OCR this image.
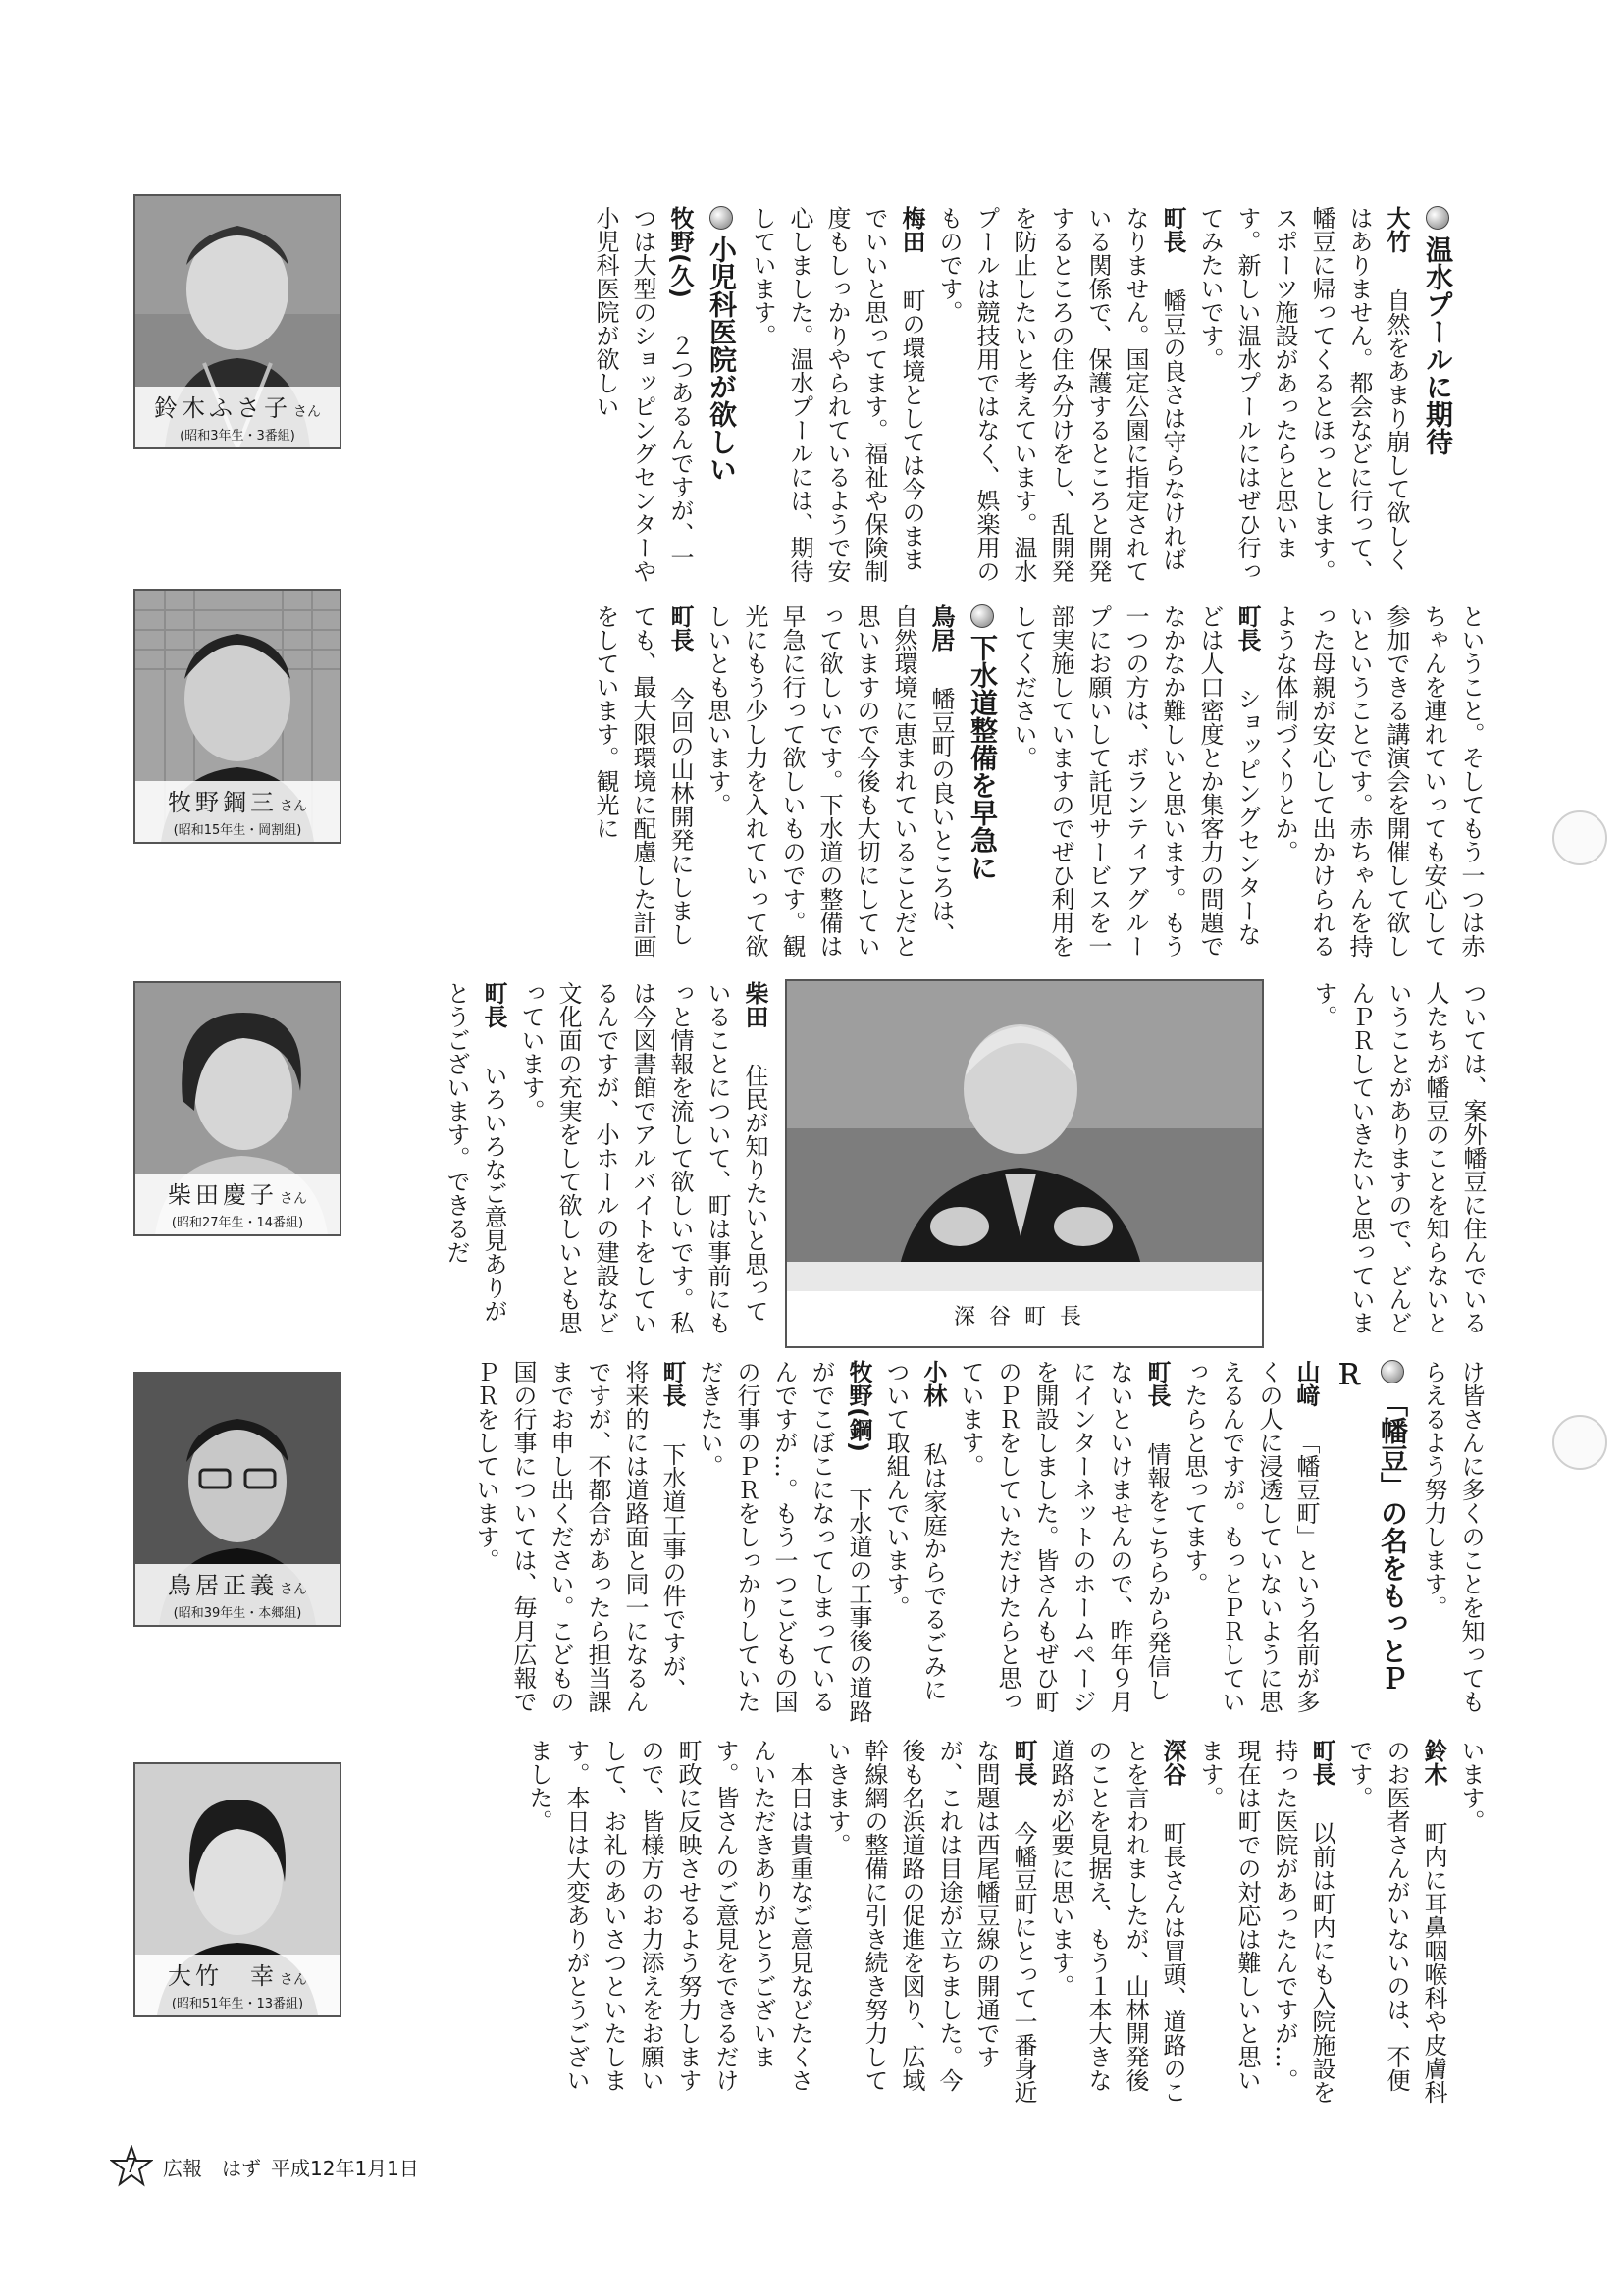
鈴木ふさ子 さん
(昭和3年生・3番組)
牧野鋼三 さん
(昭和15年生・岡割組)
柴田慶子 さん
(昭和27年生・14番組)
鳥居正義 さん
(昭和39年生・本郷組)
大竹　幸 さん
(昭和51年生・13番組)
深谷町長
温水プールに期待
大竹　自然をあまり崩して欲しくはありません。都会などに行って、幡豆に帰ってくるとほっとします。スポーツ施設があったらと思います。新しい温水プールにはぜひ行ってみたいです。
町長　幡豆の良さは守らなければなりません。国定公園に指定されている関係で、保護するところと開発するところの住み分けをし、乱開発を防止したいと考えています。温水プールは競技用ではなく、娯楽用のものです。
梅田　町の環境としては今のままでいいと思ってます。福祉や保険制度もしっかりやられているようで安心しました。温水プールには、期待しています。
小児科医院が欲しい
牧野(久)　２つあるんですが、一つは大型のショッピングセンターや小児科医院が欲しい
ということ。そしてもう一つは赤ちゃんを連れていっても安心して参加できる講演会を開催して欲しいということです。赤ちゃんを持った母親が安心して出かけられるような体制づくりとか。
町長　ショッピングセンターなどは人口密度とか集客力の問題でなかなか難しいと思います。もう一つの方は、ボランティアグループにお願いして託児サービスを一部実施していますのでぜひ利用をしてください。
下水道整備を早急に
鳥居　幡豆町の良いところは、自然環境に恵まれていることだと思いますので今後も大切にしていって欲しいです。下水道の整備は早急に行って欲しいものです。観光にもう少し力を入れていって欲しいとも思います。
町長　今回の山林開発にしましても、最大限環境に配慮した計画をしています。観光に
ついては、案外幡豆に住んでいる人たちが幡豆のことを知らないということがありますので、どんどんＰＲしていきたいと思っています。
柴田　住民が知りたいと思っていることについて、町は事前にもっと情報を流して欲しいです。私は今図書館でアルバイトをしているんですが、小ホールの建設など文化面の充実をして欲しいとも思っています。
町長　いろいろなご意見ありがとうございます。できるだ
け皆さんに多くのことを知ってもらえるよう努力します。
「幡豆」の名をもっとＰＲ
山﨑　「幡豆町」という名前が多くの人に浸透していないように思えるんですが。もっとＰＲしていったらと思ってます。
町長　情報をこちらから発信しないといけませんので、昨年９月にインターネットのホームページを開設しました。皆さんもぜひ町のＰＲをしていただけたらと思っています。
小林　私は家庭からでるごみについて取組んでいます。
牧野(鋼)　下水道の工事後の道路がでこぼこになってしまっているんですが…。もう一つこどもの国の行事のＰＲをしっかりしていただきたい。
町長　下水道工事の件ですが、将来的には道路面と同一になるんですが、不都合があったら担当課までお申し出ください。こどもの国の行事については、毎月広報でＰＲをしています。
います。
鈴木　町内に耳鼻咽喉科や皮膚科のお医者さんがいないのは、不便です。
町長　以前は町内にも入院施設を持った医院があったんですが…。現在は町での対応は難しいと思います。
深谷　町長さんは冒頭、道路のことを言われましたが、山林開発後のことを見据え、もう１本大きな道路が必要に思います。
町長　今幡豆町にとって一番身近な問題は西尾幡豆線の開通ですが、これは目途が立ちました。今後も名浜道路の促進を図り、広域幹線網の整備に引き続き努力していきます。
　本日は貴重なご意見などたくさんいただきありがとうございます。皆さんのご意見をできるだけ町政に反映させるよう努力しますので、皆様方のお力添えをお願いして、お礼のあいさつといたします。本日は大変ありがとうございました。
7	広報　はず 平成12年1月1日
